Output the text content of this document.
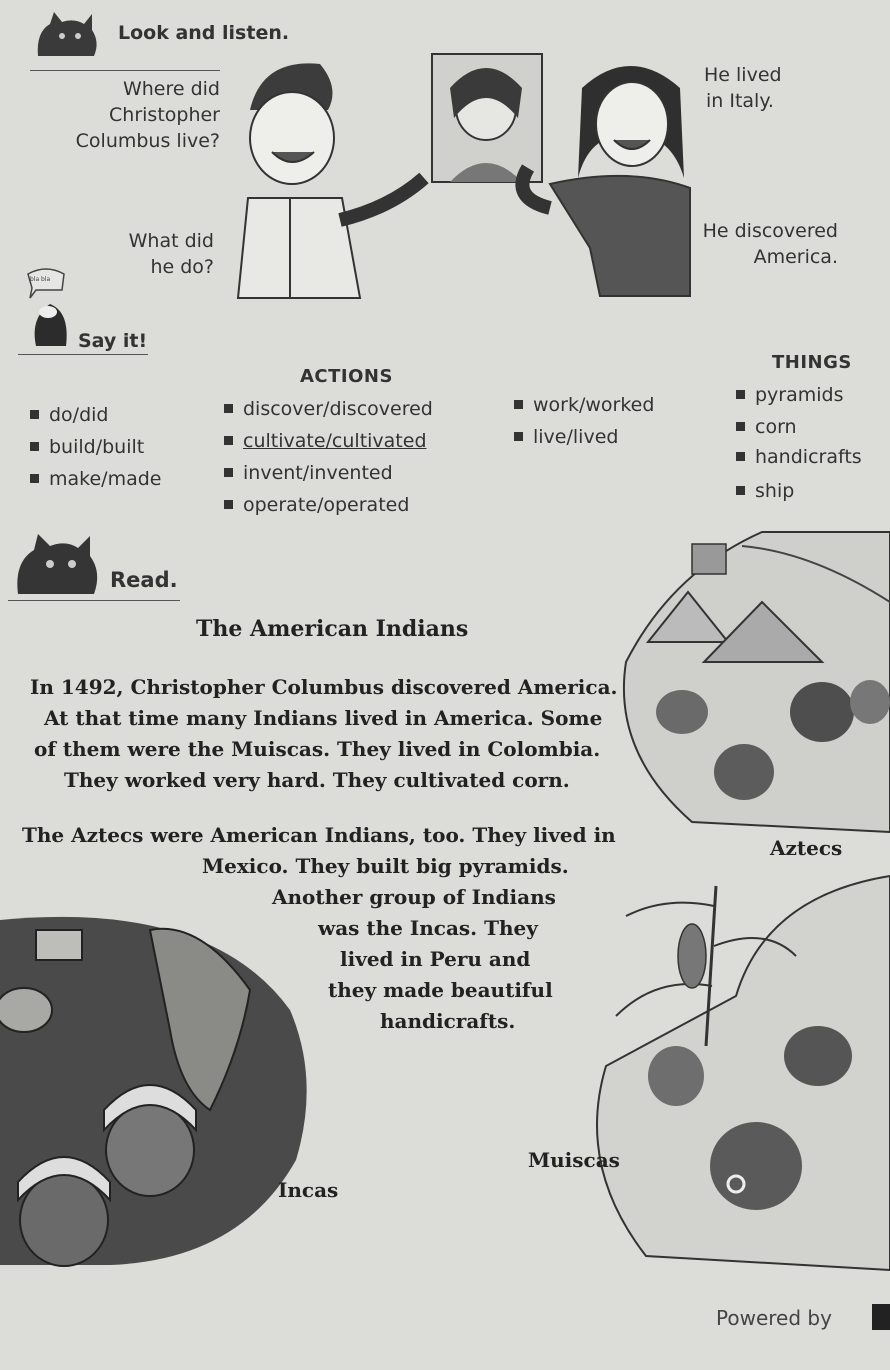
Look and listen.
Where did
Christopher
Columbus live?
He lived
in Italy.
What did
he do?
He discovered
America.
bla bla
Say it!
ACTIONS
THINGS
do/did
build/built
make/made
discover/discovered
cultivate/cultivated
invent/invented
operate/operated
work/worked
live/lived
pyramids
corn
handicrafts
ship
Read.
The American Indians
In 1492, Christopher Columbus discovered America.
At that time many Indians lived in America. Some
of them were the Muiscas. They lived in Colombia.
They worked very hard. They cultivated corn.
The Aztecs were American Indians, too. They lived in
Mexico. They built big pyramids.
Another group of Indians
was the Incas. They
lived in Peru and
they made beautiful
handicrafts.
Aztecs
Incas
Muiscas
Powered by
